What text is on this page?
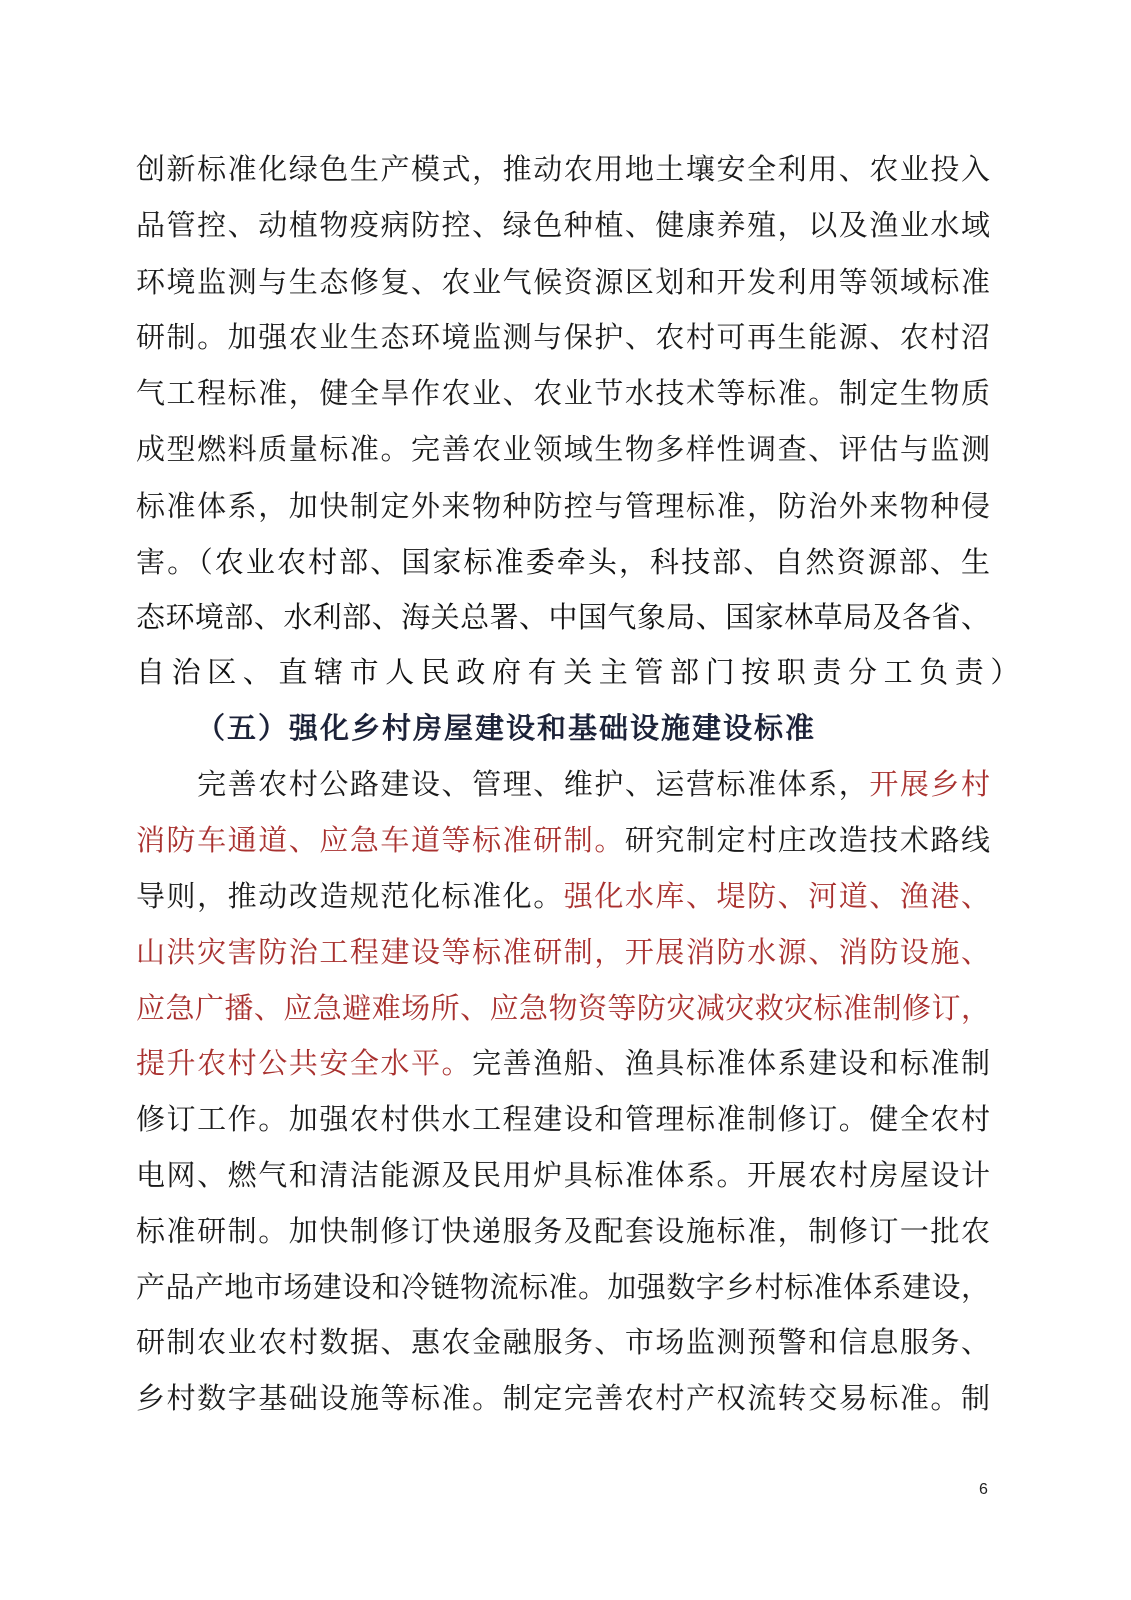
创新标准化绿色生产模式，推动农用地土壤安全利用、农业投入
品管控、动植物疫病防控、绿色种植、健康养殖，以及渔业水域
环境监测与生态修复、农业气候资源区划和开发利用等领域标准
研制。加强农业生态环境监测与保护、农村可再生能源、农村沼
气工程标准，健全旱作农业、农业节水技术等标准。制定生物质
成型燃料质量标准。完善农业领域生物多样性调查、评估与监测
标准体系，加快制定外来物种防控与管理标准，防治外来物种侵
害。（农业农村部、国家标准委牵头，科技部、自然资源部、生
态环境部、水利部、海关总署、中国气象局、国家林草局及各省、
自治区、直辖市人民政府有关主管部门按职责分工负责）
（五）强化乡村房屋建设和基础设施建设标准
　　完善农村公路建设、管理、维护、运营标准体系，开展乡村
消防车通道、应急车道等标准研制。研究制定村庄改造技术路线
导则，推动改造规范化标准化。强化水库、堤防、河道、渔港、
山洪灾害防治工程建设等标准研制，开展消防水源、消防设施、
应急广播、应急避难场所、应急物资等防灾减灾救灾标准制修订，
提升农村公共安全水平。完善渔船、渔具标准体系建设和标准制
修订工作。加强农村供水工程建设和管理标准制修订。健全农村
电网、燃气和清洁能源及民用炉具标准体系。开展农村房屋设计
标准研制。加快制修订快递服务及配套设施标准，制修订一批农
产品产地市场建设和冷链物流标准。加强数字乡村标准体系建设，
研制农业农村数据、惠农金融服务、市场监测预警和信息服务、
乡村数字基础设施等标准。制定完善农村产权流转交易标准。制
6
